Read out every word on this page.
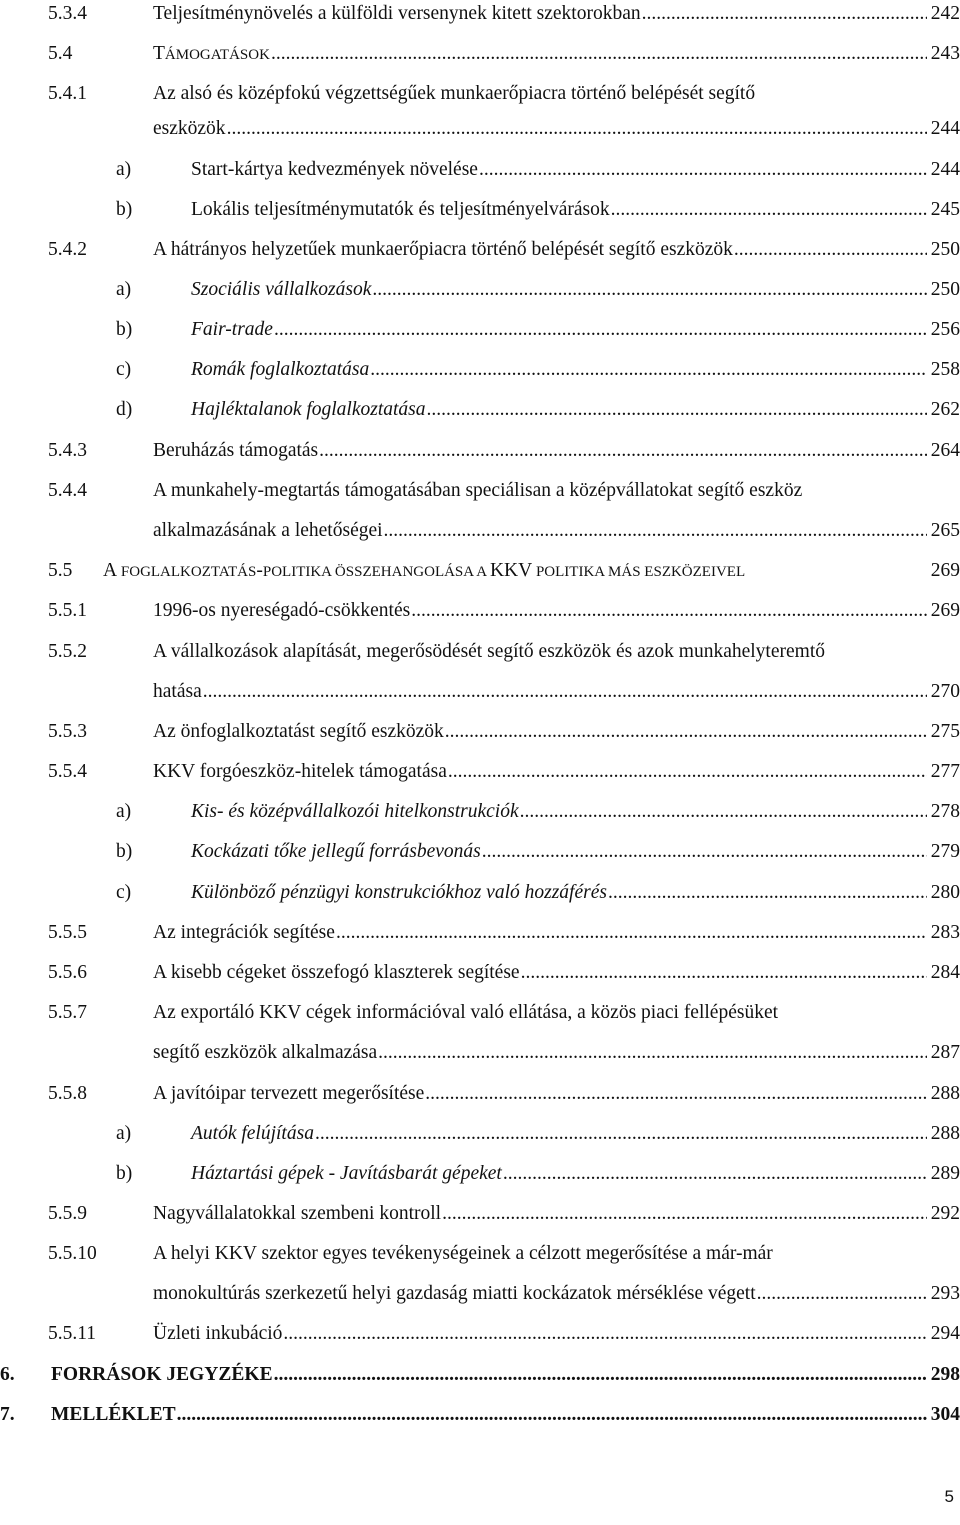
5.3.4	Teljesítménynövelés a külföldi versenynek kitett szektorokban .....	242
5.4	TÁMOGATÁSOK .....	243
5.4.1	Az alsó és középfokú végzettségűek munkaerőpiacra történő belépését segítő
eszközök .....	244
a)	Start-kártya kedvezmények növelése .....	244
b)	Lokális teljesítménymutatók és teljesítményelvárások .....	245
5.4.2	A hátrányos helyzetűek munkaerőpiacra történő belépését segítő eszközök .....	250
a)	Szociális vállalkozások .....	250
b)	Fair-trade .....	256
c)	Romák foglalkoztatása .....	258
d)	Hajléktalanok foglalkoztatása .....	262
5.4.3	Beruházás támogatás .....	264
5.4.4	A munkahely-megtartás támogatásában speciálisan a középvállatokat segítő eszköz
alkalmazásának a lehetőségei .....	265
5.5 A FOGLALKOZTATÁS-POLITIKA ÖSSZEHANGOLÁSA A KKV POLITIKA MÁS ESZKÖZEIVEL	269
5.5.1	1996-os nyereségadó-csökkentés .....	269
5.5.2	A vállalkozások alapítását, megerősödését segítő eszközök és azok munkahelyteremtő
hatása .....	270
5.5.3	Az önfoglalkoztatást segítő eszközök .....	275
5.5.4	KKV forgóeszköz-hitelek támogatása .....	277
a)	Kis- és középvállalkozói hitelkonstrukciók .....	278
b)	Kockázati tőke jellegű forrásbevonás .....	279
c)	Különböző pénzügyi konstrukciókhoz való hozzáférés .....	280
5.5.5	Az integrációk segítése .....	283
5.5.6	A kisebb cégeket összefogó klaszterek segítése .....	284
5.5.7	Az exportáló KKV cégek információval való ellátása, a közös piaci fellépésüket
segítő eszközök alkalmazása .....	287
5.5.8	A javítóipar tervezett megerősítése .....	288
a)	Autók felújítása .....	288
b)	Háztartási gépek - Javításbarát gépeket .....	289
5.5.9	Nagyvállalatokkal szembeni kontroll .....	292
5.5.10	A helyi KKV szektor egyes tevékenységeinek a célzott megerősítése a már-már
monokultúrás szerkezetű helyi gazdaság miatti kockázatok mérséklése végett .....	293
5.5.11	Üzleti inkubáció .....	294
6. FORRÁSOK JEGYZÉKE .....	298
7. MELLÉKLET .....	304
5
